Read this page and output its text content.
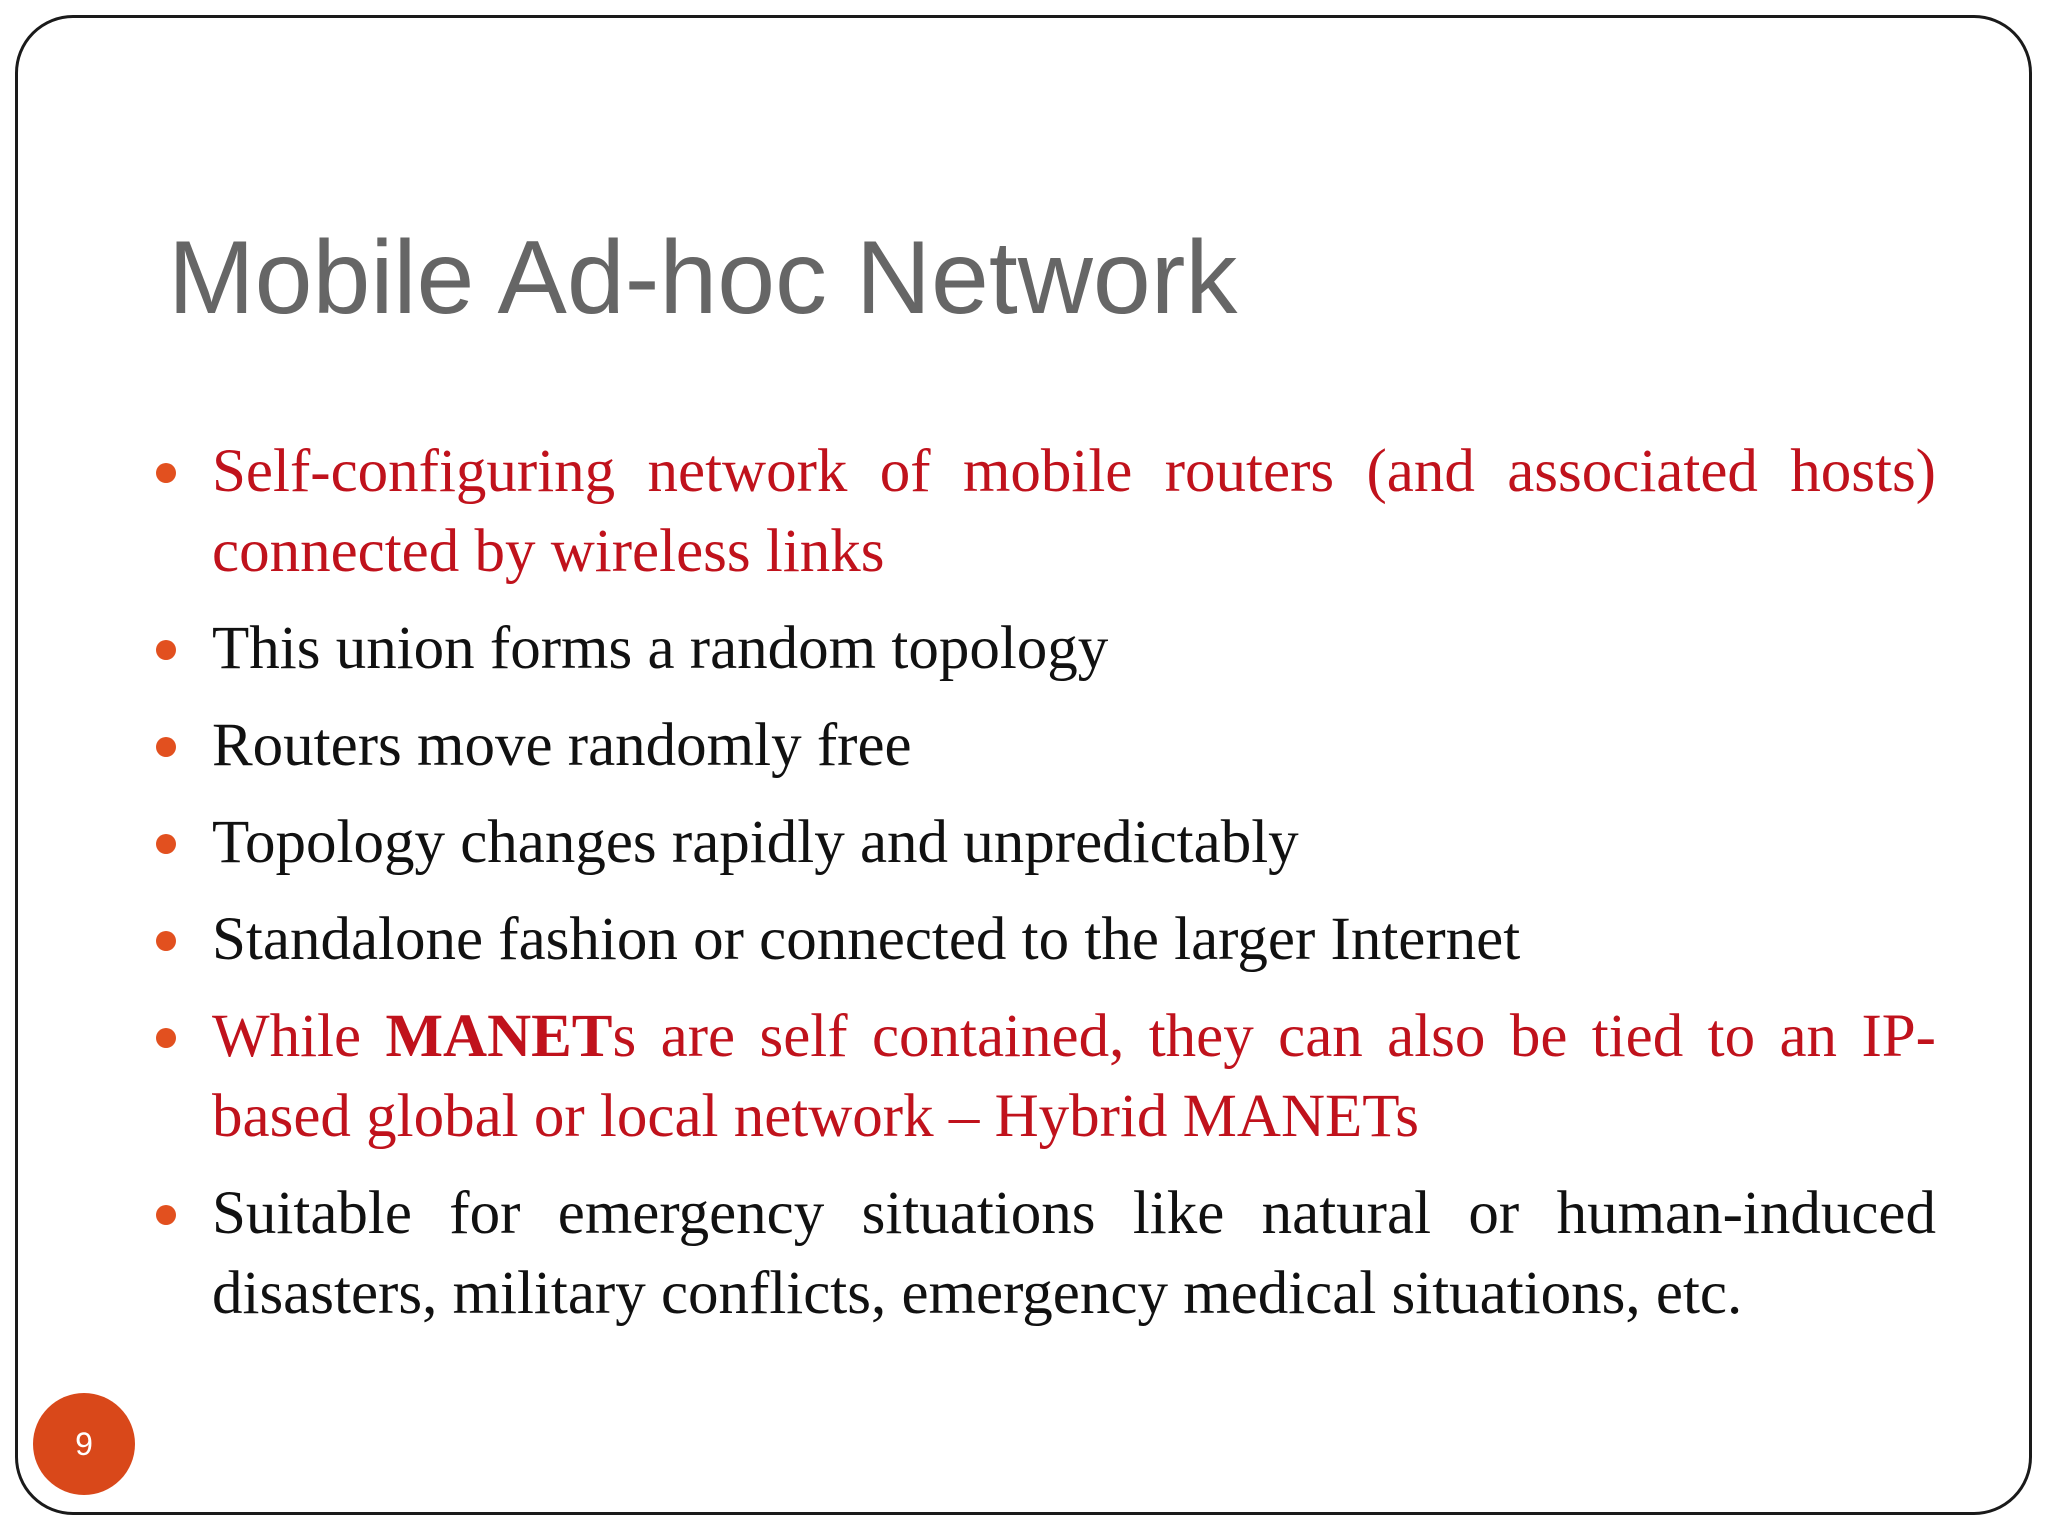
Mobile Ad-hoc Network
Self-configuring network of mobile routers (and associated hosts) connected by wireless links
This union forms a random topology
Routers move randomly free
Topology changes rapidly and unpredictably
Standalone fashion or connected to the larger Internet
While MANETs are self contained, they can also be tied to an IP-based global or local network – Hybrid MANETs
Suitable for emergency situations like natural or human-induced disasters, military conflicts, emergency medical situations, etc.
9
